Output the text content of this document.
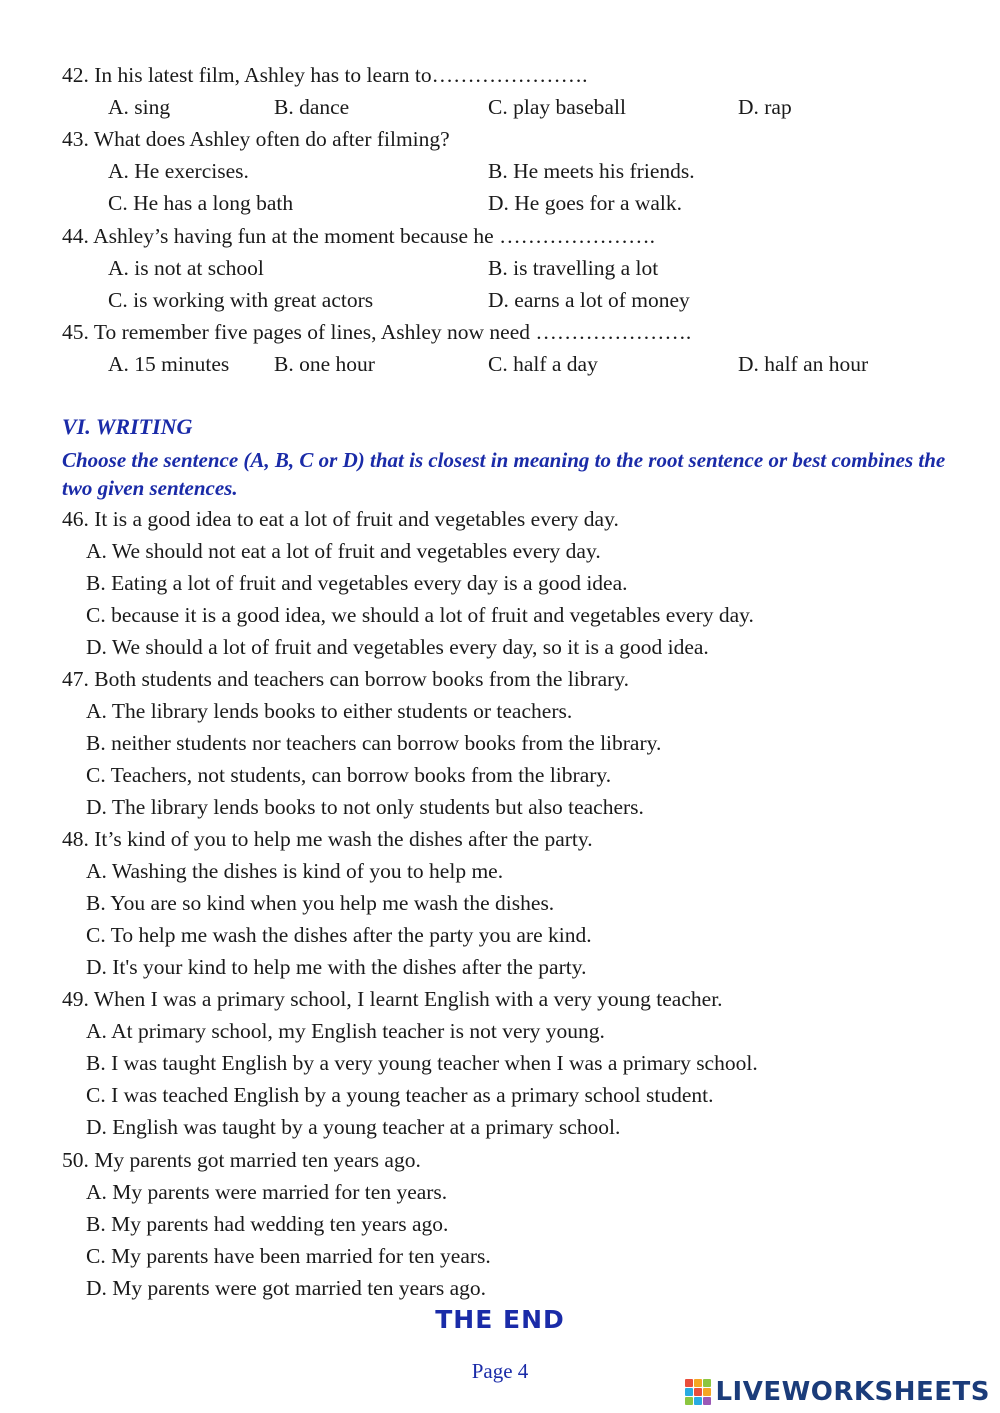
42. In his latest film, Ashley has to learn to………………….
A. sing	B. dance	C. play baseball	D. rap
43. What does Ashley often do after filming?
A. He exercises.	B. He meets his friends.
C. He has a long bath	D. He goes for a walk.
44. Ashley’s having fun at the moment because he ………………….
A. is not at school	B. is travelling a lot
C. is working with great actors	D. earns a lot of money
45. To remember five pages of lines, Ashley now need ………………….
A. 15 minutes B. one hour	C. half a day	D. half an hour
VI. WRITING
Choose the sentence (A, B, C or D) that is closest in meaning to the root sentence or best combines the two given sentences.
46. It is a good idea to eat a lot of fruit and vegetables every day.
A. We should not eat a lot of fruit and vegetables every day.
B. Eating a lot of fruit and vegetables every day is a good idea.
C. because it is a good idea, we should a lot of fruit and vegetables every day.
D. We should a lot of fruit and vegetables every day, so it is a good idea.
47. Both students and teachers can borrow books from the library.
A. The library lends books to either students or teachers.
B. neither students nor teachers can borrow books from the library.
C. Teachers, not students, can borrow books from the library.
D. The library lends books to not only students but also teachers.
48. It’s kind of you to help me wash the dishes after the party.
A. Washing the dishes is kind of you to help me.
B. You are so kind when you help me wash the dishes.
C. To help me wash the dishes after the party you are kind.
D. It's your kind to help me with the dishes after the party.
49. When I was a primary school, I learnt English with a very young teacher.
A. At primary school, my English teacher is not very young.
B. I was taught English by a very young teacher when I was a primary school.
C. I was teached English by a young teacher as a primary school student.
D. English was taught by a young teacher at a primary school.
50. My parents got married ten years ago.
A. My parents were married for ten years.
B. My parents had wedding ten years ago.
C. My parents have been married for ten years.
D. My parents were got married ten years ago.
THE END
Page 4
LIVEWORKSHEETS
